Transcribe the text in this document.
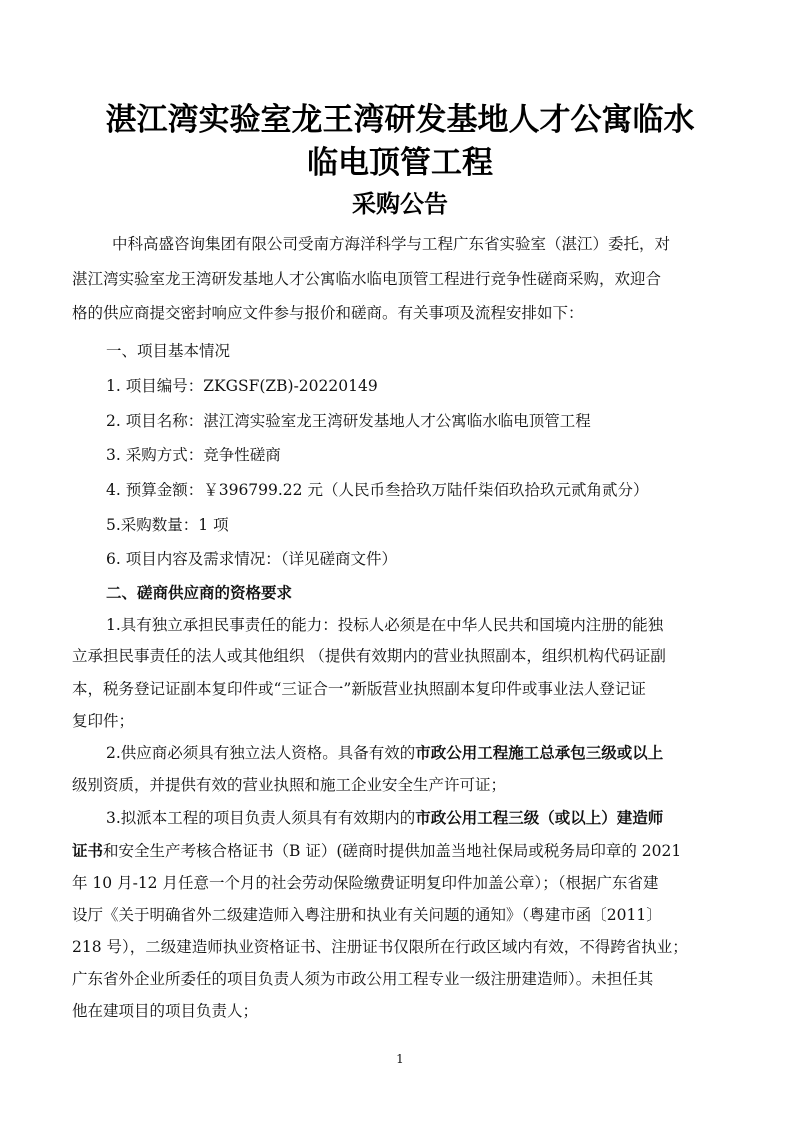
湛江湾实验室龙王湾研发基地人才公寓临水
临电顶管工程
采购公告
中科高盛咨询集团有限公司受南方海洋科学与工程广东省实验室（湛江）委托，对
湛江湾实验室龙王湾研发基地人才公寓临水临电顶管工程进行竞争性磋商采购，欢迎合
格的供应商提交密封响应文件参与报价和磋商。有关事项及流程安排如下：
一、项目基本情况
1. 项目编号：ZKGSF(ZB)-20220149
2. 项目名称：湛江湾实验室龙王湾研发基地人才公寓临水临电顶管工程
3. 采购方式：竞争性磋商
4. 预算金额：￥396799.22 元（人民币叁拾玖万陆仟柒佰玖拾玖元贰角贰分）
5.采购数量：1 项
6. 项目内容及需求情况：（详见磋商文件）
二、磋商供应商的资格要求
1.具有独立承担民事责任的能力：投标人必须是在中华人民共和国境内注册的能独
立承担民事责任的法人或其他组织 （提供有效期内的营业执照副本，组织机构代码证副
本，税务登记证副本复印件或“三证合一”新版营业执照副本复印件或事业法人登记证
复印件；
2.供应商必须具有独立法人资格。具备有效的市政公用工程施工总承包三级或以上
级别资质，并提供有效的营业执照和施工企业安全生产许可证；
3.拟派本工程的项目负责人须具有有效期内的市政公用工程三级（或以上）建造师
证书和安全生产考核合格证书（B 证）(磋商时提供加盖当地社保局或税务局印章的 2021
年 10 月-12 月任意一个月的社会劳动保险缴费证明复印件加盖公章）；（根据广东省建
设厅《关于明确省外二级建造师入粤注册和执业有关问题的通知》（粤建市函〔2011〕
218 号），二级建造师执业资格证书、注册证书仅限所在行政区域内有效，不得跨省执业；
广东省外企业所委任的项目负责人须为市政公用工程专业一级注册建造师）。未担任其
他在建项目的项目负责人；
1
